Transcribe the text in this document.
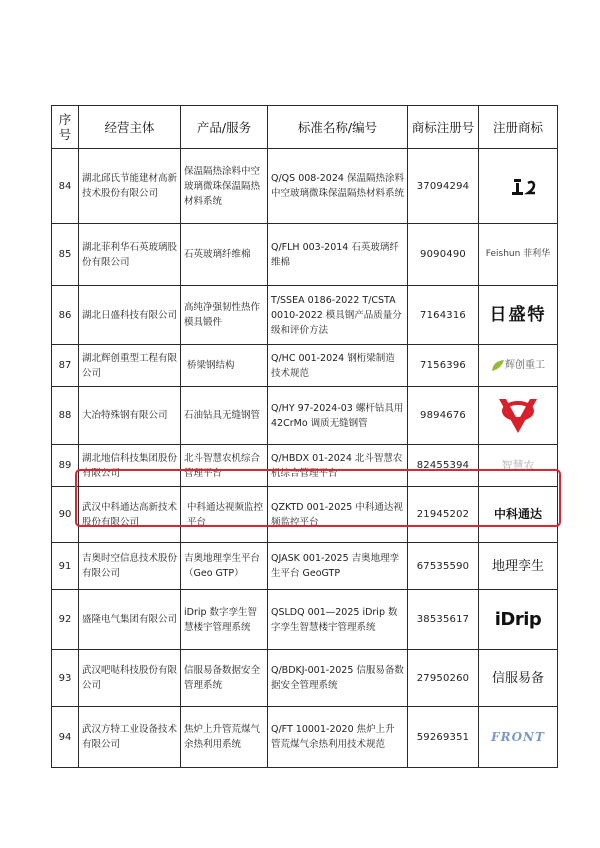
序号	经营主体	产品/服务	标准名称/编号	商标注册号	注册商标
84	湖北邱氏节能建材高新技术股份有限公司	保温隔热涂料中空玻璃微珠保温隔热材料系统	Q/QS 008-2024 保温隔热涂料中空玻璃微珠保温隔热材料系统	37094294	

85	湖北菲利华石英玻璃股份有限公司	石英玻璃纤维棉	Q/FLH 003-2014 石英玻璃纤维棉	9090490	Feishun 菲利华

86	湖北日盛科技有限公司	高纯净强韧性热作模具锻件	T/SSEA 0186-2022 T/CSTA 0010-2022 模具钢产品质量分级和评价方法	7164316	日盛特

87	湖北辉创重型工程有限公司	桥梁钢结构	Q/HC 001-2024 钢桁梁制造技术规范	7156396	辉创重工

88	大冶特殊钢有限公司	石油钻具无缝钢管	Q/HY 97-2024-03 螺杆钻具用 42CrMo 调质无缝钢管	9894676	

89	湖北地信科技集团股份有限公司	北斗智慧农机综合管理平台	Q/HBDX 01-2024 北斗智慧农机综合管理平台	82455394	智慧农

90	武汉中科通达高新技术股份有限公司	中科通达视频监控平台	QZKTD 001-2025 中科通达视频监控平台	21945202	中科通达

91	吉奥时空信息技术股份有限公司	吉奥地理孪生平台（Geo GTP）	QJASK 001-2025 吉奥地理孪生平台 GeoGTP	67535590	地理孪生

92	盛隆电气集团有限公司	iDrip 数字孪生智慧楼宇管理系统	QSLDQ 001—2025 iDrip 数字孪生智慧楼宇管理系统	38535617	iDrip

93	武汉吧哒科技股份有限公司	信服易备数据安全管理系统	Q/BDKJ-001-2025 信服易备数据安全管理系统	27950260	信服易备

94	武汉方特工业设备技术有限公司	焦炉上升管荒煤气余热利用系统	Q/FT 10001-2020 焦炉上升管荒煤气余热利用技术规范	59269351	FRONT
